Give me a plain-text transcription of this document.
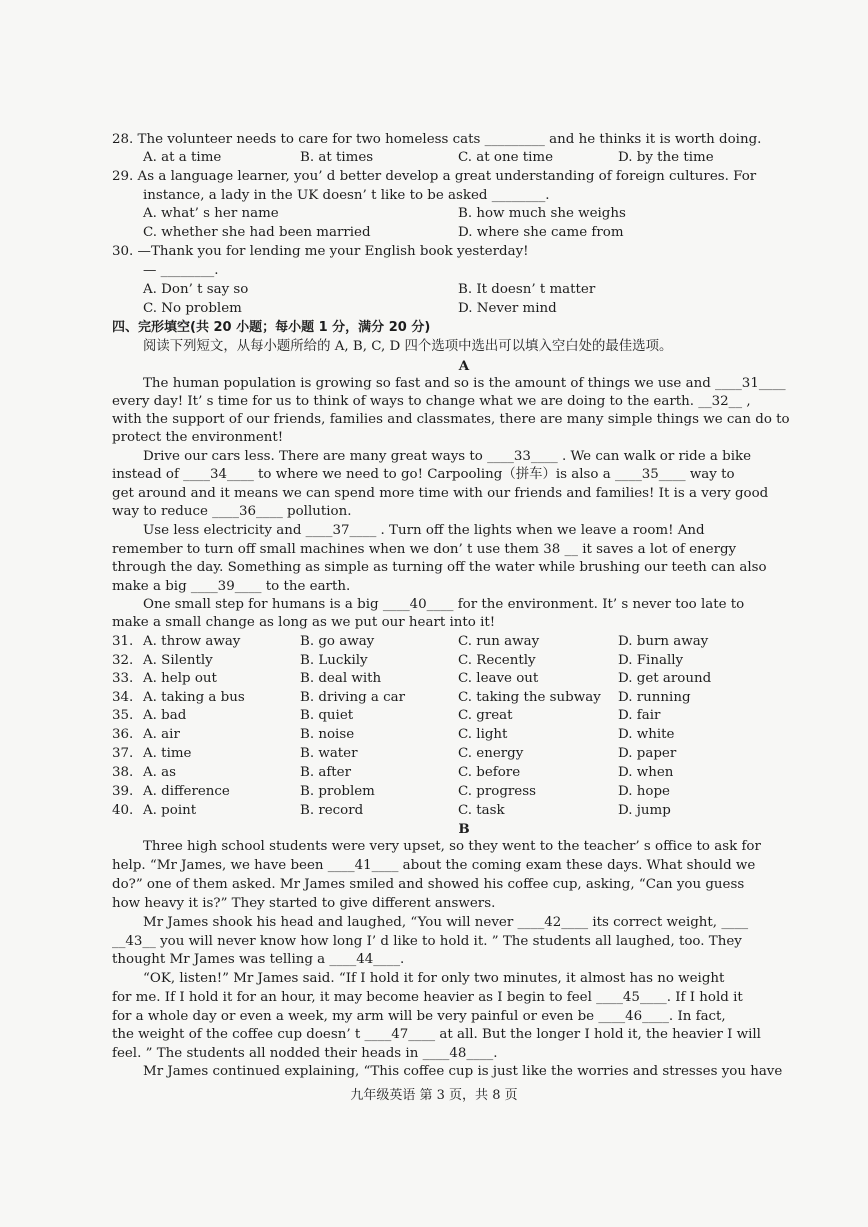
28. The volunteer needs to care for two homeless cats _________ and he thinks it is worth doing.
A. at a time	B. at times	C. at one time	D. by the time
29. As a language learner, you’ d better develop a great understanding of foreign cultures. For
instance, a lady in the UK doesn’ t like to be asked ________.
A. what’ s her name	B. how much she weighs
C. whether she had been married	D. where she came from
30. —Thank you for lending me your English book yesterday!
— ________.
A. Don’ t say so	B. It doesn’ t matter
C. No problem	D. Never mind
四、完形填空(共 20 小题；每小题 1 分，满分 20 分)
阅读下列短文，从每小题所给的 A, B, C, D 四个选项中选出可以填入空白处的最佳选项。
A
The human population is growing so fast and so is the amount of things we use and ____31____
every day! It’ s time for us to think of ways to change what we are doing to the earth. __32__ ,
with the support of our friends, families and classmates, there are many simple things we can do to
protect the environment!
Drive our cars less. There are many great ways to ____33____ . We can walk or ride a bike
instead of ____34____ to where we need to go! Carpooling（拼车）is also a ____35____ way to
get around and it means we can spend more time with our friends and families! It is a very good
way to reduce ____36____ pollution.
Use less electricity and ____37____ . Turn off the lights when we leave a room! And
remember to turn off small machines when we don’ t use them 38 __ it saves a lot of energy
through the day. Something as simple as turning off the water while brushing our teeth can also
make a big ____39____ to the earth.
One small step for humans is a big ____40____ for the environment. It’ s never too late to
make a small change as long as we put our heart into it!
31. A. throw away	B. go away	C. run away	D. burn away
32. A. Silently	B. Luckily	C. Recently	D. Finally
33. A. help out	B. deal with	C. leave out	D. get around
34. A. taking a bus	B. driving a car	C. taking the subway D. running
35. A. bad	B. quiet	C. great	D. fair
36. A. air	B. noise	C. light	D. white
37. A. time	B. water	C. energy	D. paper
38. A. as	B. after	C. before	D. when
39. A. difference	B. problem	C. progress	D. hope
40. A. point	B. record	C. task	D. jump
B
Three high school students were very upset, so they went to the teacher’ s office to ask for
help. “Mr James, we have been ____41____ about the coming exam these days. What should we
do?” one of them asked. Mr James smiled and showed his coffee cup, asking, “Can you guess
how heavy it is?” They started to give different answers.
Mr James shook his head and laughed, “You will never ____42____ its correct weight, ____
__43__ you will never know how long I’ d like to hold it. ” The students all laughed, too. They
thought Mr James was telling a ____44____.
“OK, listen!” Mr James said. “If I hold it for only two minutes, it almost has no weight
for me. If I hold it for an hour, it may become heavier as I begin to feel ____45____. If I hold it
for a whole day or even a week, my arm will be very painful or even be ____46____. In fact,
the weight of the coffee cup doesn’ t ____47____ at all. But the longer I hold it, the heavier I will
feel. ” The students all nodded their heads in ____48____.
Mr James continued explaining, “This coffee cup is just like the worries and stresses you have
九年级英语 第 3 页，共 8 页
